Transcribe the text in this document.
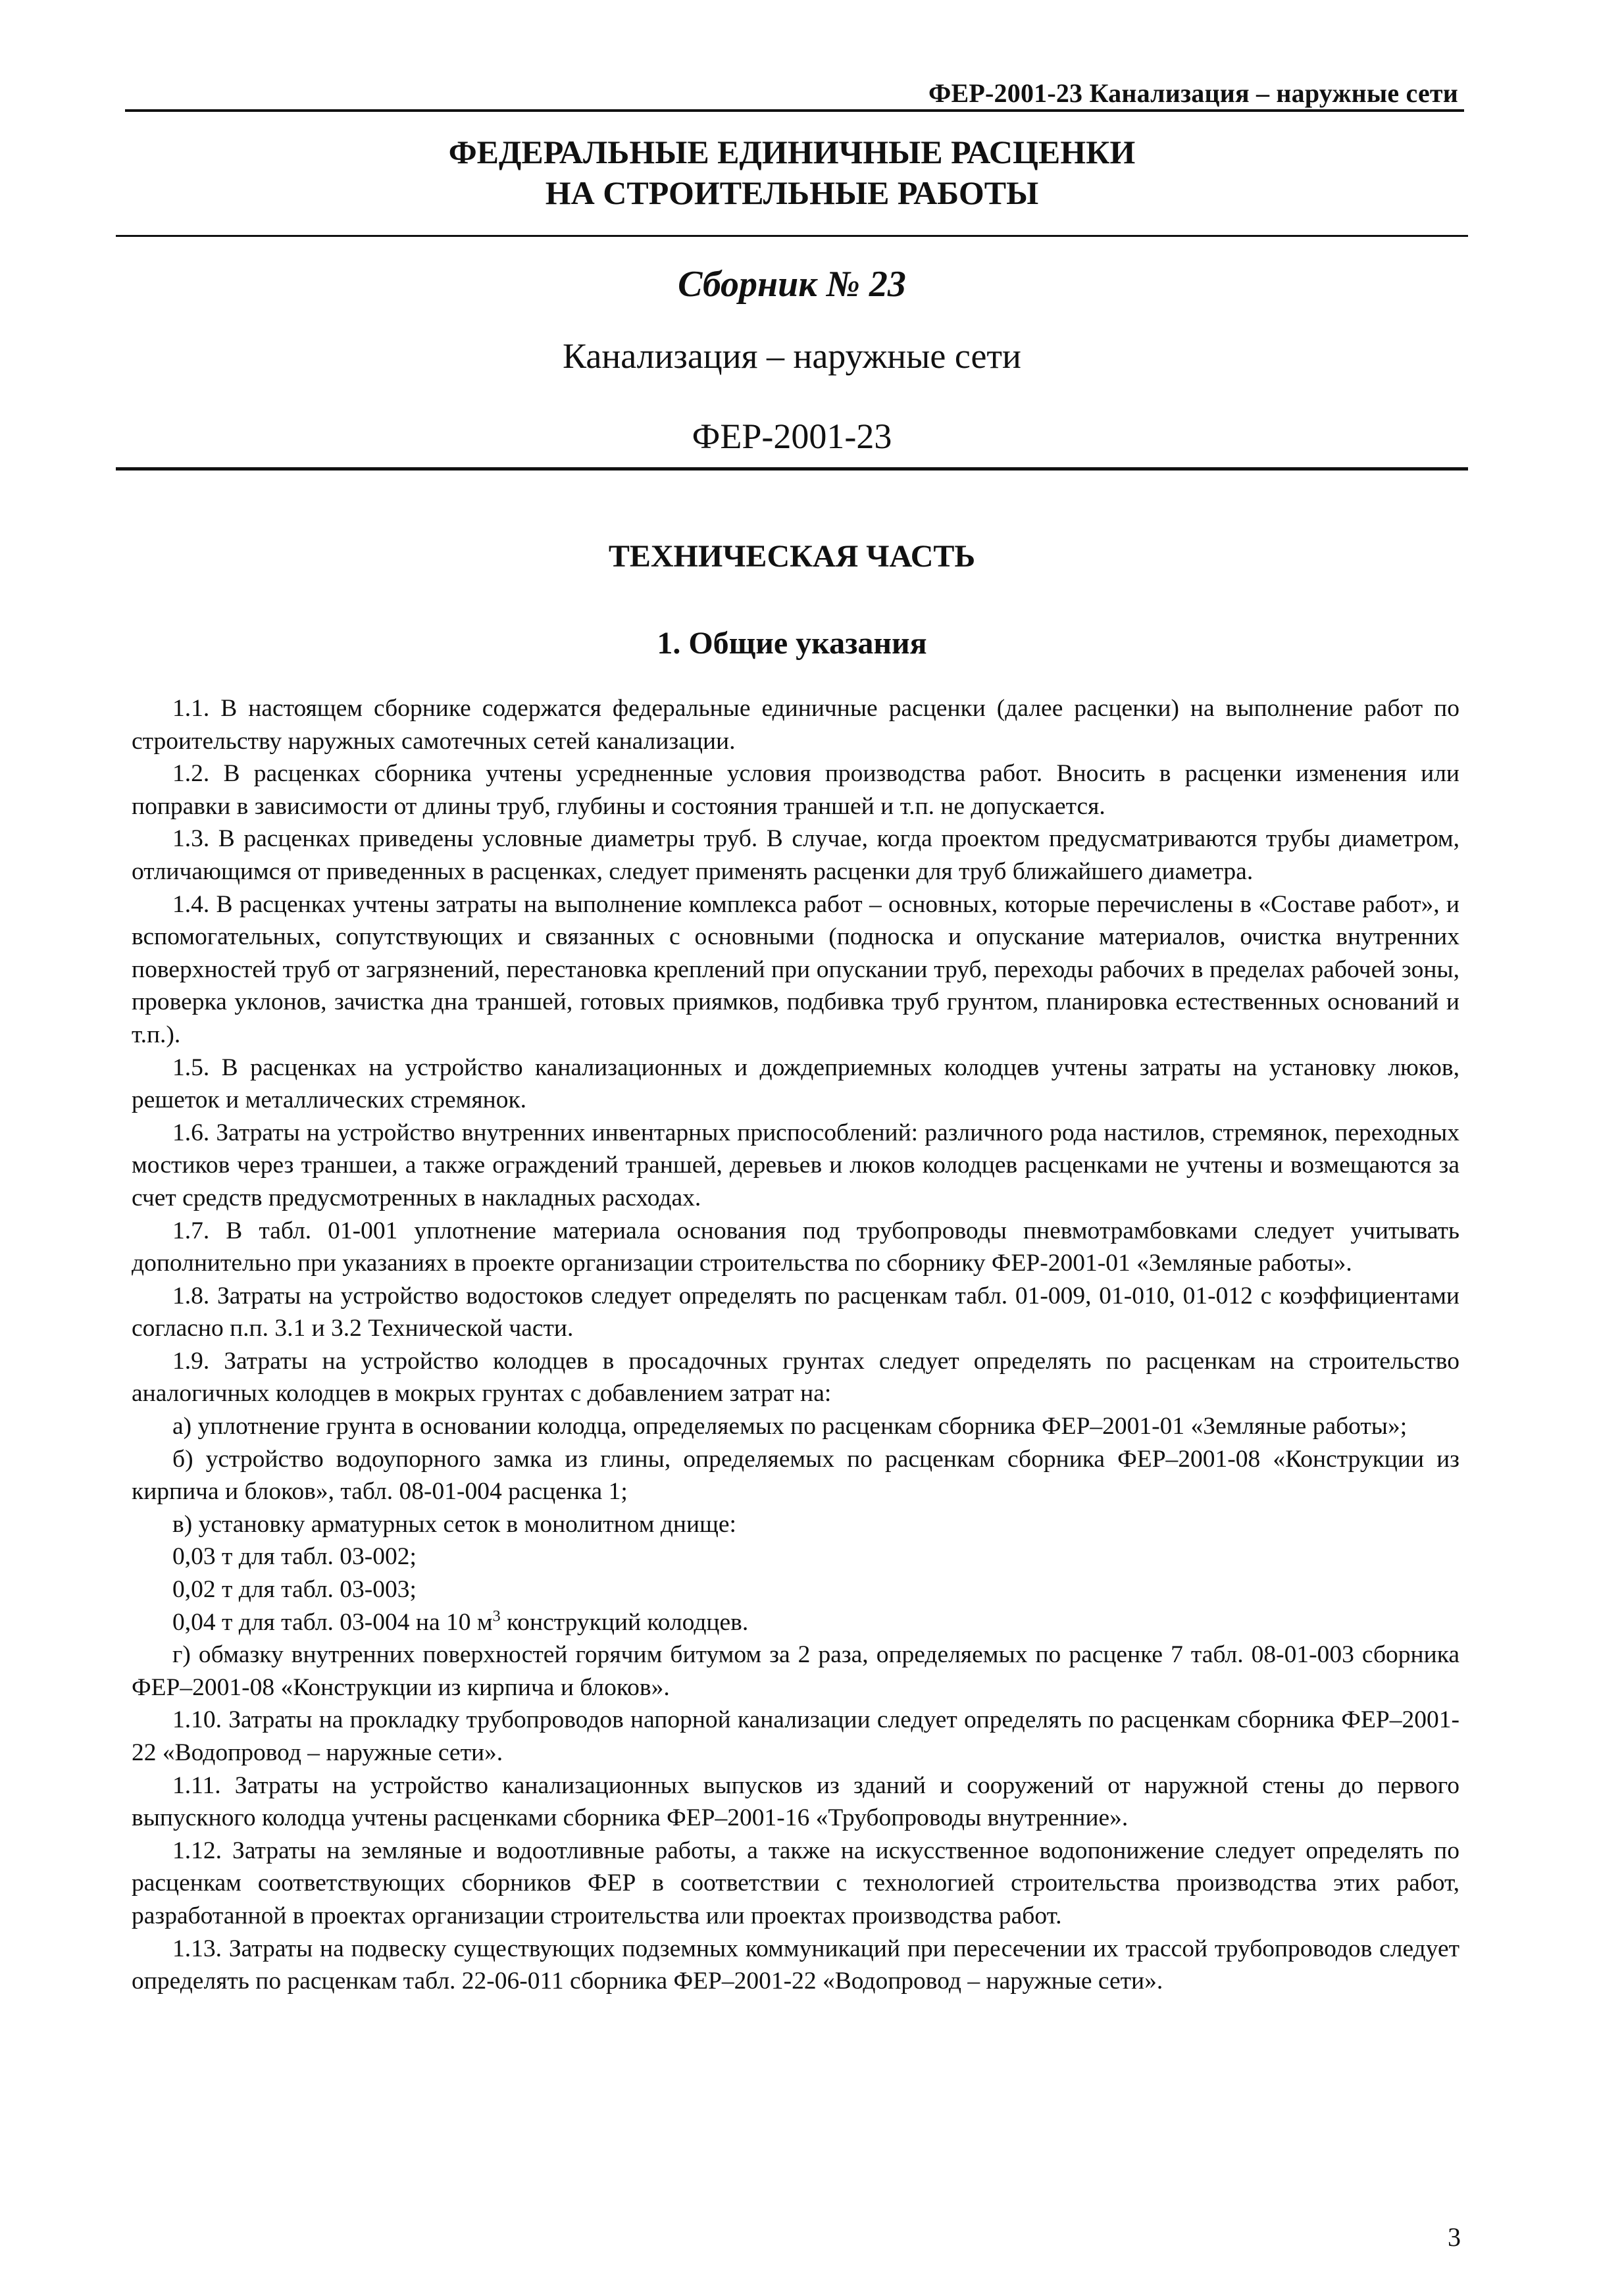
ФЕР-2001-23 Канализация – наружные сети
ФЕДЕРАЛЬНЫЕ ЕДИНИЧНЫЕ РАСЦЕНКИ
НА СТРОИТЕЛЬНЫЕ РАБОТЫ
Сборник № 23
Канализация – наружные сети
ФЕР-2001-23
ТЕХНИЧЕСКАЯ ЧАСТЬ
1. Общие указания

1.1. В настоящем сборнике содержатся федеральные единичные расценки (далее расценки) на выполнение работ по строительству наружных самотечных сетей канализации.

1.2. В расценках сборника учтены усредненные условия производства работ. Вносить в расценки изменения или поправки в зависимости от длины труб, глубины и состояния траншей и т.п. не допускается.

1.3. В расценках приведены условные диаметры труб. В случае, когда проектом предусматриваются трубы диаметром, отличающимся от приведенных в расценках, следует применять расценки для труб ближайшего диаметра.

1.4. В расценках учтены затраты на выполнение комплекса работ – основных, которые перечислены в «Составе работ», и вспомогательных, сопутствующих и связанных с основными (подноска и опускание материалов, очистка внутренних поверхностей труб от загрязнений, перестановка креплений при опускании труб, переходы рабочих в пределах рабочей зоны, проверка уклонов, зачистка дна траншей, готовых приямков, подбивка труб грунтом, планировка естественных оснований и т.п.).

1.5. В расценках на устройство канализационных и дождеприемных колодцев учтены затраты на установку люков, решеток и металлических стремянок.

1.6. Затраты на устройство внутренних инвентарных приспособлений: различного рода настилов, стремянок, переходных мостиков через траншеи, а также ограждений траншей, деревьев и люков колодцев расценками не учтены и возмещаются за счет средств предусмотренных в накладных расходах.

1.7. В табл. 01-001 уплотнение материала основания под трубопроводы пневмотрамбовками следует учитывать дополнительно при указаниях в проекте организации строительства по сборнику ФЕР-2001-01 «Земляные работы».

1.8. Затраты на устройство водостоков следует определять по расценкам табл. 01-009, 01-010, 01-012 с коэффициентами согласно п.п. 3.1 и 3.2 Технической части.

1.9. Затраты на устройство колодцев в просадочных грунтах следует определять по расценкам на строительство аналогичных колодцев в мокрых грунтах с добавлением затрат на:

а) уплотнение грунта в основании колодца, определяемых по расценкам сборника ФЕР–2001-01 «Земляные работы»;

б) устройство водоупорного замка из глины, определяемых по расценкам сборника ФЕР–2001-08 «Конструкции из кирпича и блоков», табл. 08-01-004 расценка 1;

в) установку арматурных сеток в монолитном днище:

0,03 т для табл. 03-002;

0,02 т для табл. 03-003;

0,04 т для табл. 03-004 на 10 $м^3$ конструкций колодцев.

г) обмазку внутренних поверхностей горячим битумом за 2 раза, определяемых по расценке 7 табл. 08-01-003 сборника ФЕР–2001-08 «Конструкции из кирпича и блоков».

1.10. Затраты на прокладку трубопроводов напорной канализации следует определять по расценкам сборника ФЕР–2001-22 «Водопровод – наружные сети».

1.11. Затраты на устройство канализационных выпусков из зданий и сооружений от наружной стены до первого выпускного колодца учтены расценками сборника ФЕР–2001-16 «Трубопроводы внутренние».

1.12. Затраты на земляные и водоотливные работы, а также на искусственное водопонижение следует определять по расценкам соответствующих сборников ФЕР в соответствии с технологией строительства производства этих работ, разработанной в проектах организации строительства или проектах производства работ.

1.13. Затраты на подвеску существующих подземных коммуникаций при пересечении их трассой трубопроводов следует определять по расценкам табл. 22-06-011 сборника ФЕР–2001-22 «Водопровод – наружные сети».

3
